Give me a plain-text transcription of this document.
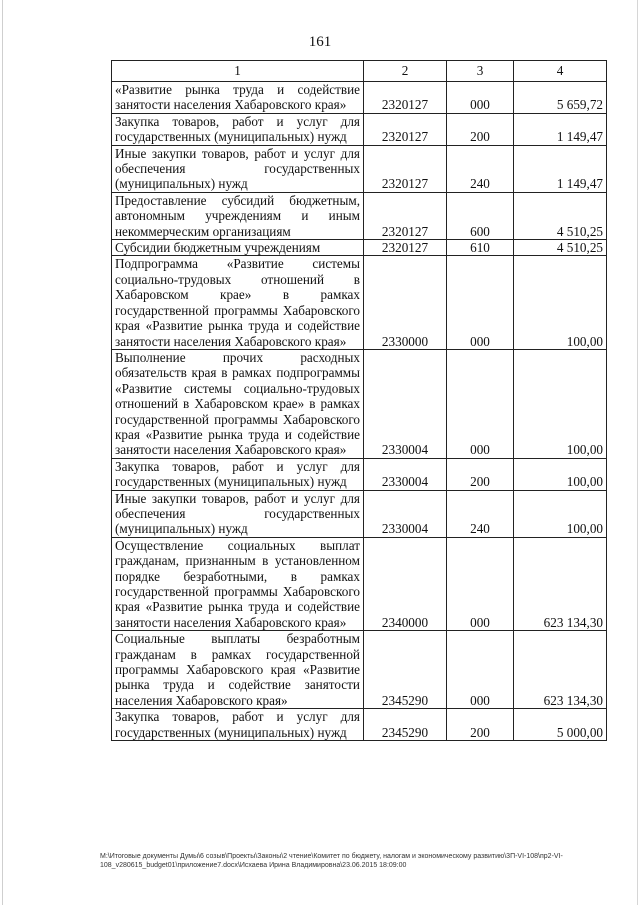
161
1	2	3	4
«Развитие рынка труда и содействие занятости населения Хабаровского края»	2320127	000	5 659,72
Закупка товаров, работ и услуг для государственных (муниципальных) нужд	2320127	200	1 149,47
Иные закупки товаров, работ и услуг для обеспечения государственных (муниципальных) нужд	2320127	240	1 149,47
Предоставление субсидий бюджетным, автономным учреждениям и иным некоммерческим организациям	2320127	600	4 510,25
Субсидии бюджетным учреждениям	2320127	610	4 510,25
Подпрограмма «Развитие системы социально-трудовых отношений в Хабаровском крае» в рамках государственной программы Хабаровского края «Развитие рынка труда и содействие занятости населения Хабаровского края»	2330000	000	100,00
Выполнение прочих расходных обязательств края в рамках подпрограммы «Развитие системы социально-трудовых отношений в Хабаровском крае» в рамках государственной программы Хабаровского края «Развитие рынка труда и содействие занятости населения Хабаровского края»	2330004	000	100,00
Закупка товаров, работ и услуг для государственных (муниципальных) нужд	2330004	200	100,00
Иные закупки товаров, работ и услуг для обеспечения государственных (муниципальных) нужд	2330004	240	100,00
Осуществление социальных выплат гражданам, признанным в установленном порядке безработными, в рамках государственной программы Хабаровского края «Развитие рынка труда и содействие занятости населения Хабаровского края»	2340000	000	623 134,30
Социальные выплаты безработным гражданам в рамках государственной программы Хабаровского края «Развитие рынка труда и содействие занятости населения Хабаровского края»	2345290	000	623 134,30
Закупка товаров, работ и услуг для государственных (муниципальных) нужд	2345290	200	5 000,00
M:\Итоговые документы Думы\6 созыв\Проекты\Законы\2 чтение\Комитет по бюджету, налогам и экономическому развитию\3П-VI-108\пр2-VI-108_v280615_budget01\приложение7.docx\Исхаева Ирина Владимировна\23.06.2015 18:09:00
